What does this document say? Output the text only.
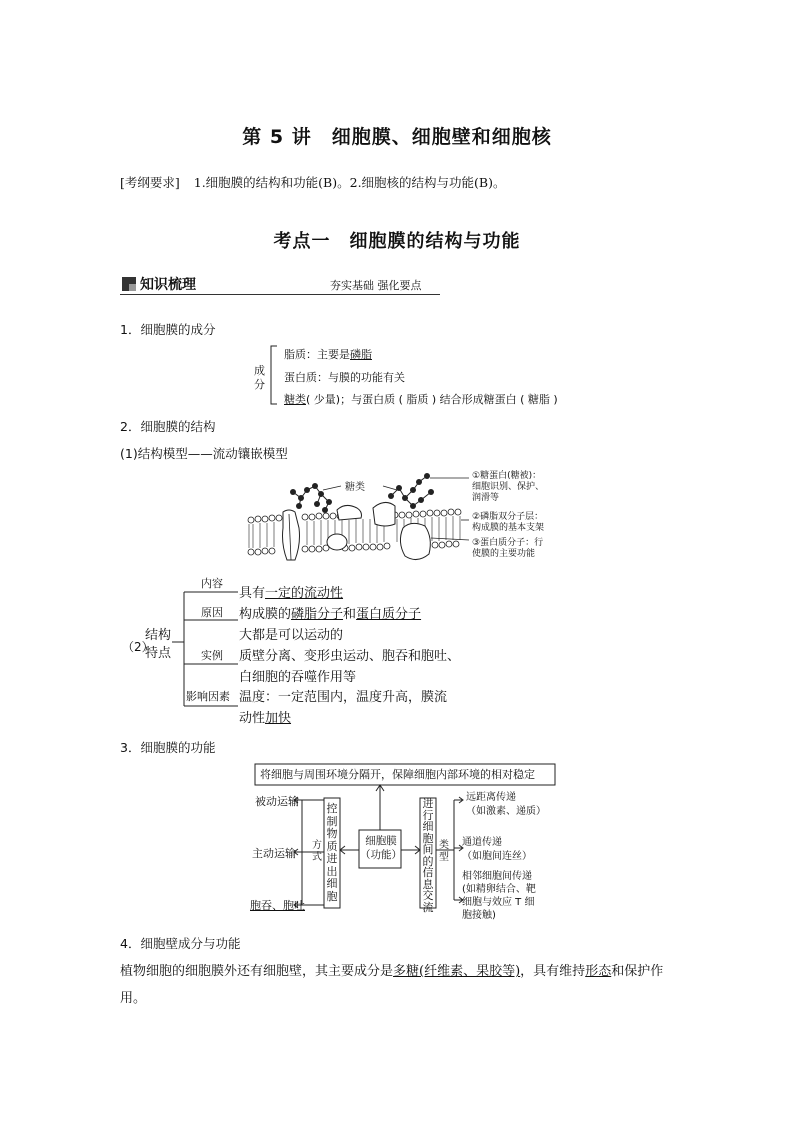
第 5 讲　细胞膜、细胞壁和细胞核
[考纲要求] 1.细胞膜的结构和功能(B)。2.细胞核的结构与功能(B)。
考点一　细胞膜的结构与功能
知识梳理	夯实基础 强化要点
1．细胞膜的成分
成分
脂质：主要是磷脂
蛋白质：与膜的功能有关
糖类( 少量)；与蛋白质 ( 脂质 ) 结合形成糖蛋白 ( 糖脂 )
2．细胞膜的结构
(1)结构模型——流动镶嵌模型
糖类
①糖蛋白(糖被)：
细胞识别、保护、
润滑等
②磷脂双分子层：
构成膜的基本支架
③蛋白质分子：行
使膜的主要功能
（2）
结构
特点
内容
原因
实例
影响因素
具有一定的流动性
构成膜的磷脂分子和蛋白质分子
大都是可以运动的
质壁分离、变形虫运动、胞吞和胞吐、
白细胞的吞噬作用等
温度：一定范围内，温度升高，膜流
动性加快
3．细胞膜的功能
将细胞与周围环境分隔开，保障细胞内部环境的相对稳定
被动运输
主动运输
胞吞、胞吐
方
式
控
制
物
质
进
出
细
胞
细胞膜
（功能）
进
行
细
胞
间
的
信
息
交
流
类
型
远距离传递
（如激素、递质）
通道传递
（如胞间连丝）
相邻细胞间传递
(如精卵结合、靶
细胞与效应 T 细
胞接触)
4．细胞壁成分与功能
植物细胞的细胞膜外还有细胞壁，其主要成分是多糖(纤维素、果胶等)，具有维持形态和保护作用。
